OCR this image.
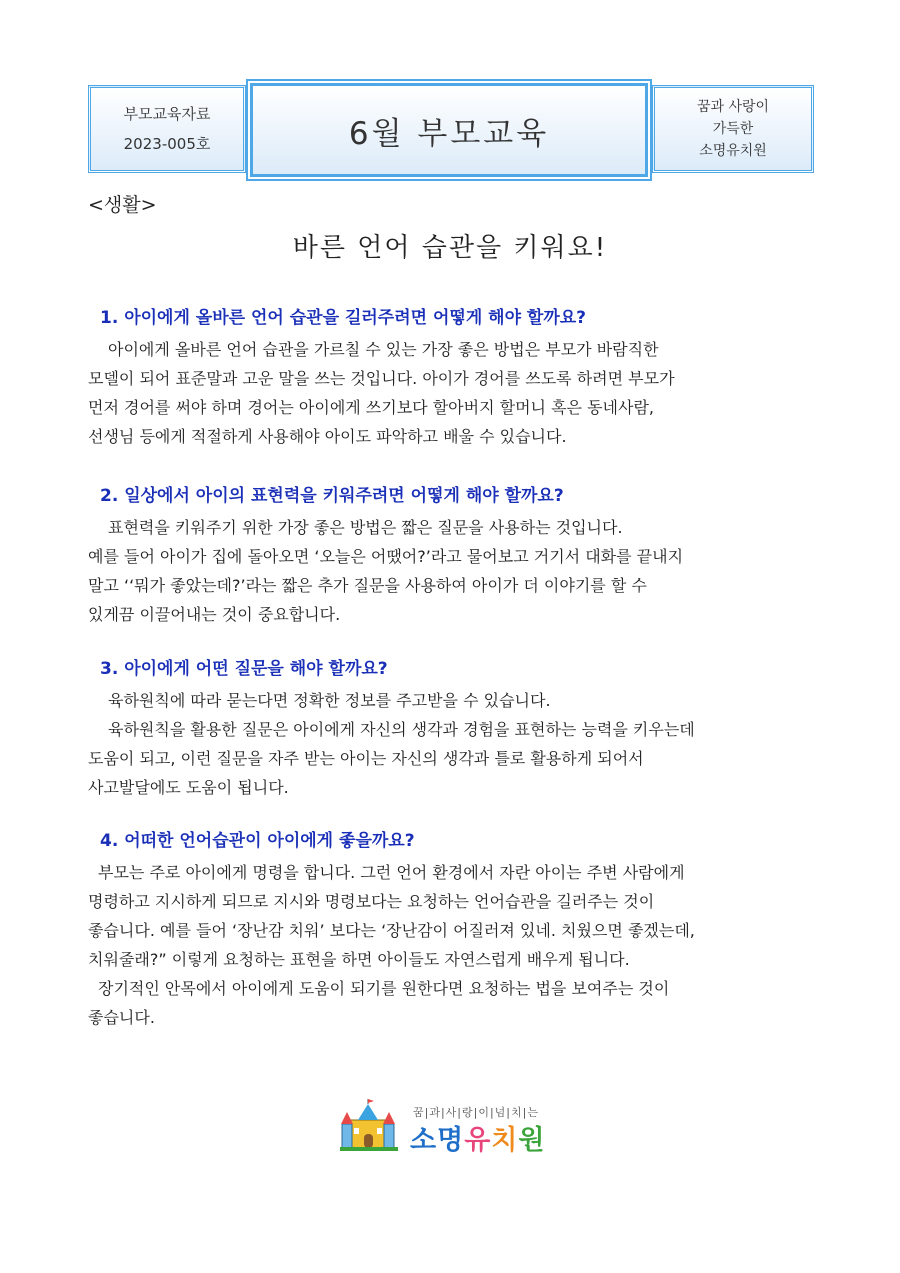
부모교육자료
2023-005호	6월 부모교육
꿈과 사랑이
가득한
소명유치원
<생활>
바른 언어 습관을 키워요!
1. 아이에게 올바른 언어 습관을 길러주려면 어떻게 해야 할까요?

아이에게 올바른 언어 습관을 가르칠 수 있는 가장 좋은 방법은 부모가 바람직한

모델이 되어 표준말과 고운 말을 쓰는 것입니다. 아이가 경어를 쓰도록 하려면 부모가

먼저 경어를 써야 하며 경어는 아이에게 쓰기보다 할아버지 할머니 혹은 동네사람,

선생님 등에게 적절하게 사용해야 아이도 파악하고 배울 수 있습니다.

2. 일상에서 아이의 표현력을 키워주려면 어떻게 해야 할까요?

표현력을 키워주기 위한 가장 좋은 방법은 짧은 질문을 사용하는 것입니다.

예를 들어 아이가 집에 돌아오면 ‘오늘은 어땠어?’라고 물어보고 거기서 대화를 끝내지

말고 ‘‘뭐가 좋았는데?’라는 짧은 추가 질문을 사용하여 아이가 더 이야기를 할 수

있게끔 이끌어내는 것이 중요합니다.

3. 아이에게 어떤 질문을 해야 할까요?

육하원칙에 따라 묻는다면 정확한 정보를 주고받을 수 있습니다.

육하원칙을 활용한 질문은 아이에게 자신의 생각과 경험을 표현하는 능력을 키우는데

도움이 되고, 이런 질문을 자주 받는 아이는 자신의 생각과 틀로 활용하게 되어서

사고발달에도 도움이 됩니다.

4. 어떠한 언어습관이 아이에게 좋을까요?

부모는 주로 아이에게 명령을 합니다. 그런 언어 환경에서 자란 아이는 주변 사람에게

명령하고 지시하게 되므로 지시와 명령보다는 요청하는 언어습관을 길러주는 것이

좋습니다. 예를 들어 ‘장난감 치워’ 보다는 ‘장난감이 어질러져 있네. 치웠으면 좋겠는데,

치워줄래?” 이렇게 요청하는 표현을 하면 아이들도 자연스럽게 배우게 됩니다.

장기적인 안목에서 아이에게 도움이 되기를 원한다면 요청하는 법을 보여주는 것이

좋습니다.

꿈|과|사|랑|이|넘|치|는
소명유치원
